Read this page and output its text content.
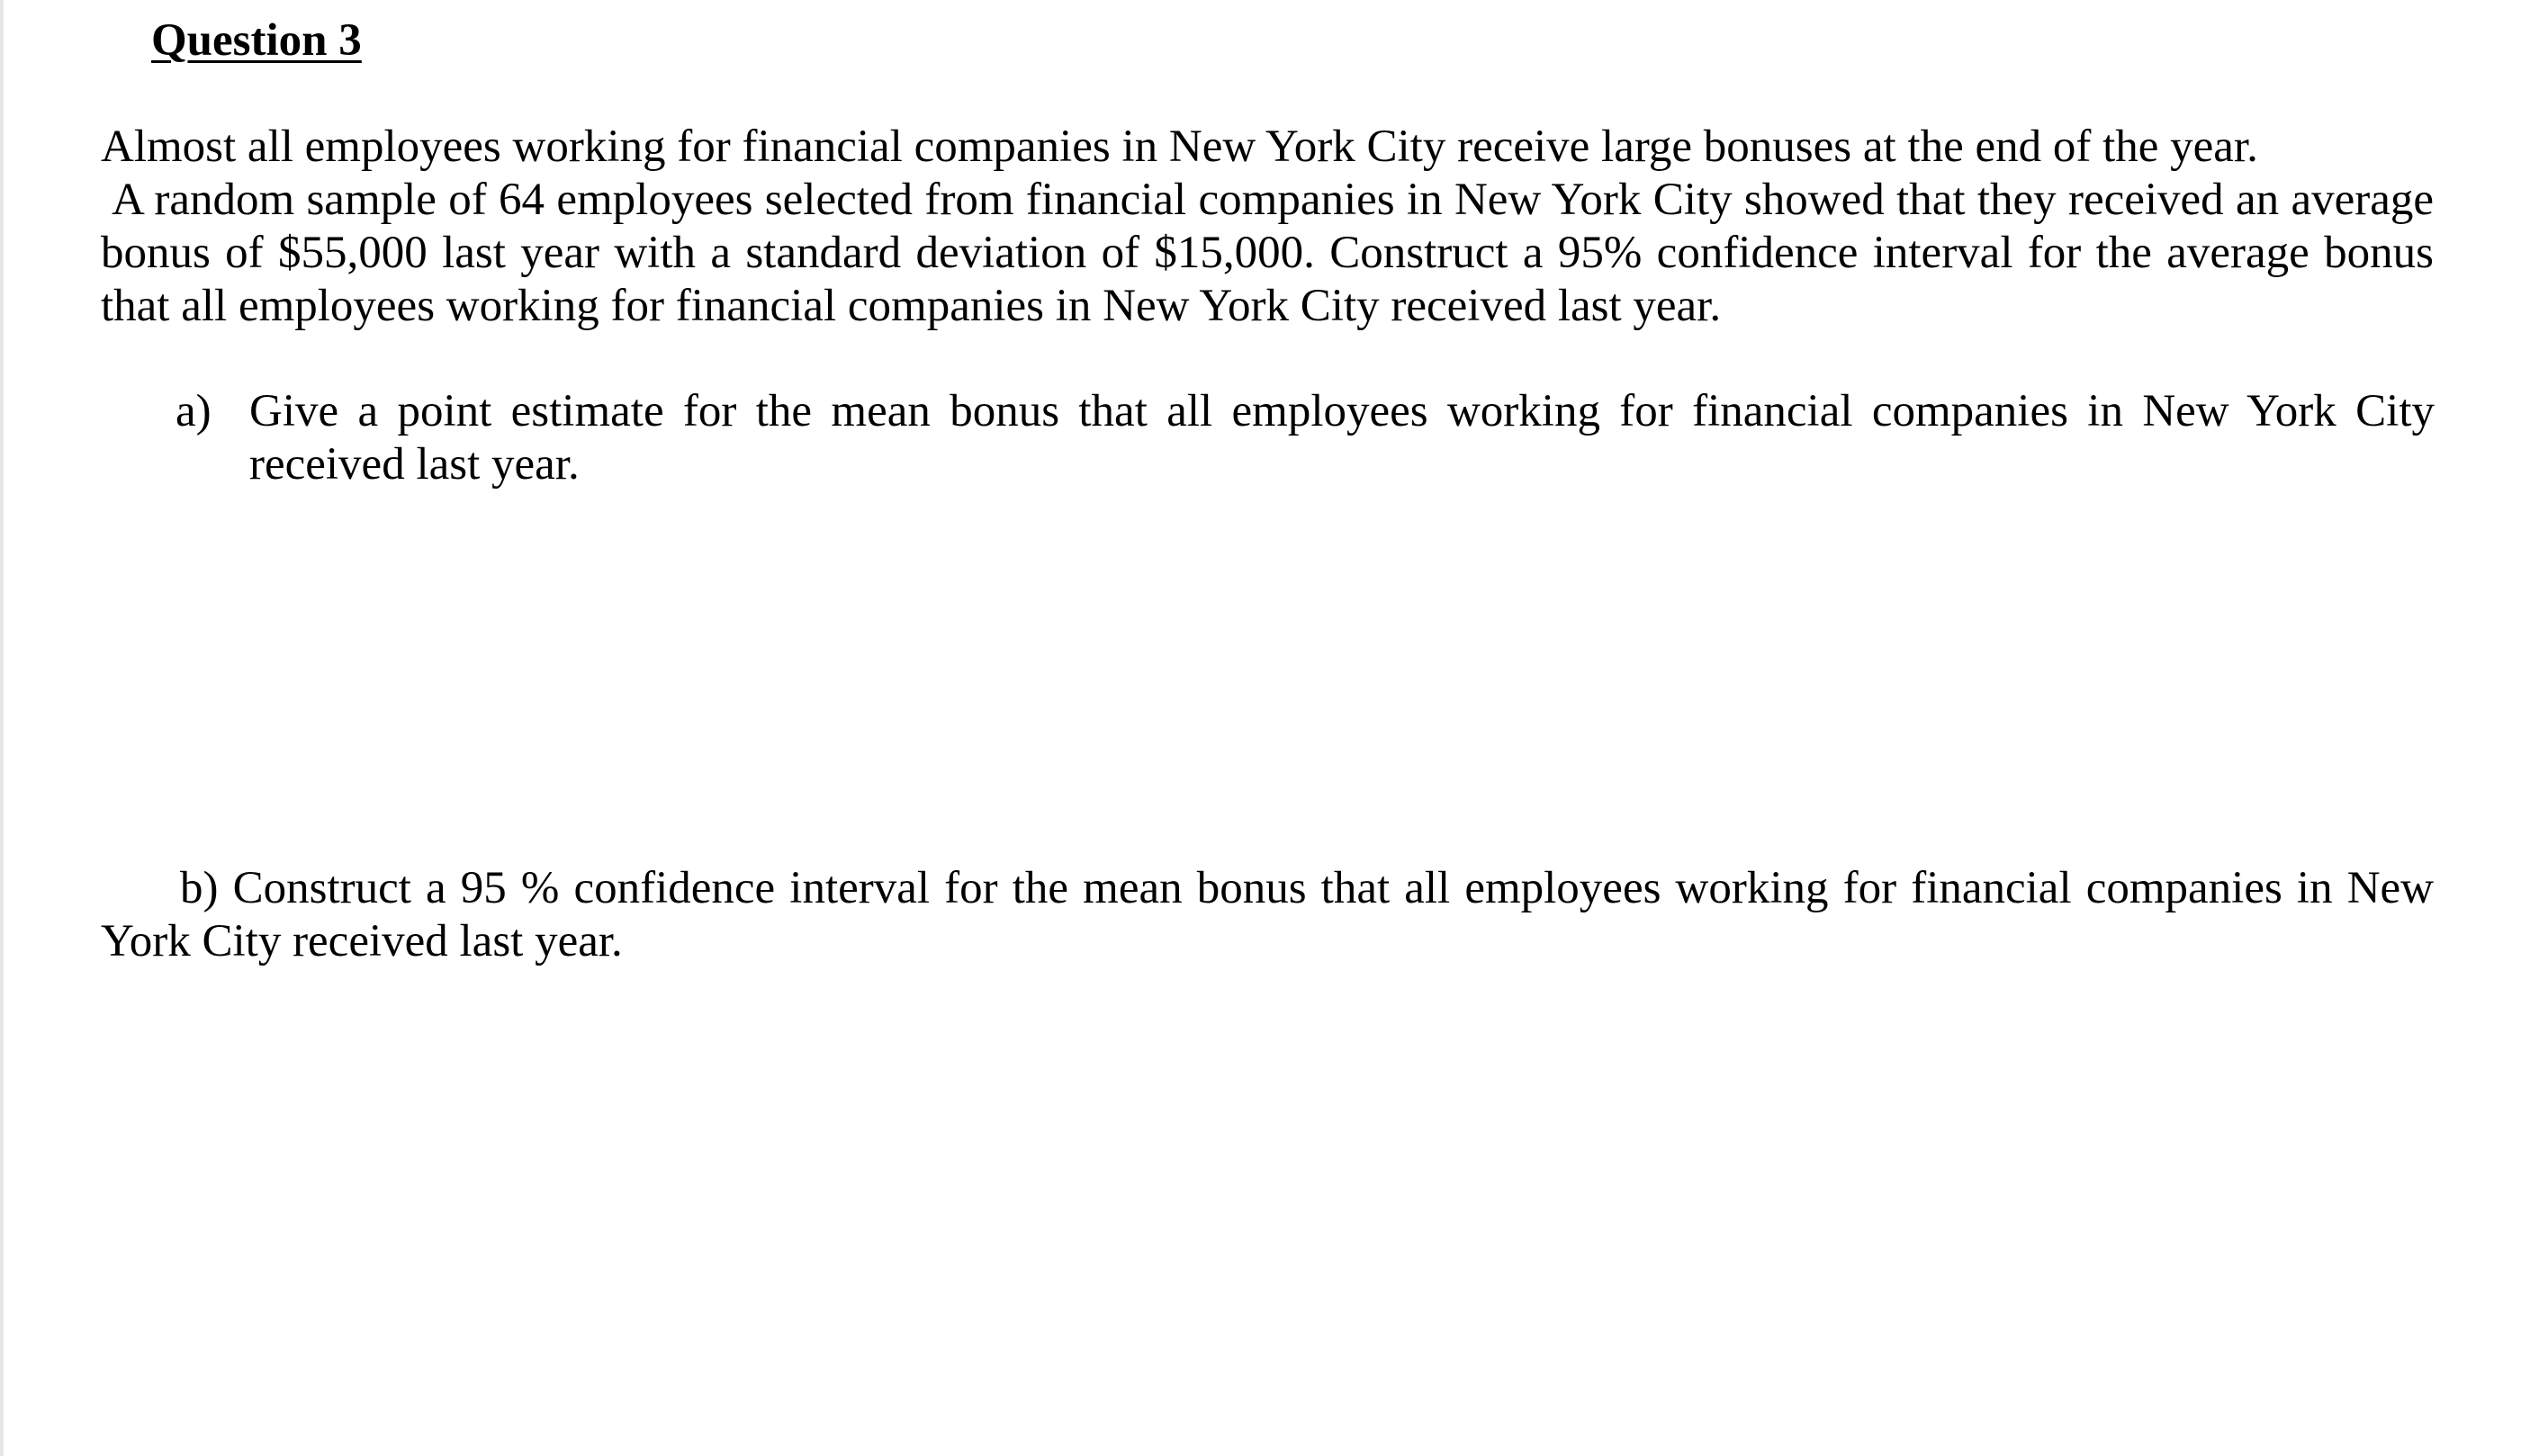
Question 3

Almost all employees working for financial companies in New York City receive large bonuses at the end of the year.
A random sample of 64 employees selected from financial companies in New York City showed that they received an average bonus of $55,000 last year with a standard deviation of $15,000. Construct a 95% confidence interval for the average bonus that all employees working for financial companies in New York City received last year.

a) Give a point estimate for the mean bonus that all employees working for financial companies in New York City received last year.

b) Construct a 95 % confidence interval for the mean bonus that all employees working for financial companies in New York City received last year.
